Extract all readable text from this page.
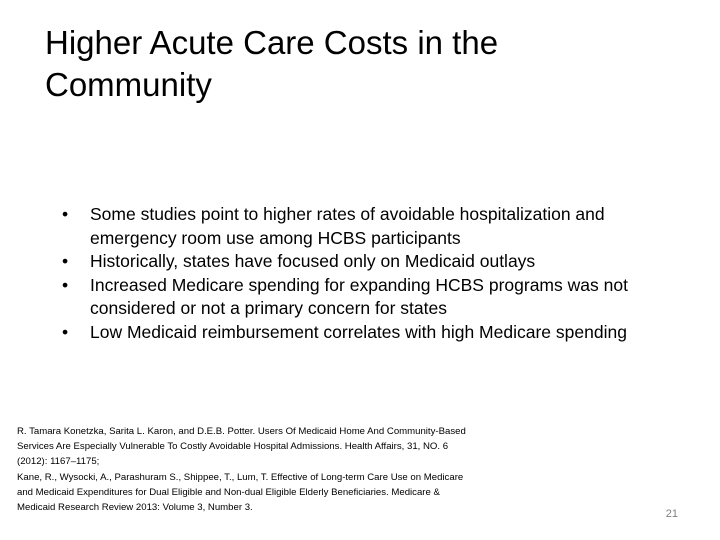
Higher Acute Care Costs in the
Community
• Some studies point to higher rates of avoidable hospitalization and emergency room use among HCBS participants
• Historically, states have focused only on Medicaid outlays
• Increased Medicare spending for expanding HCBS programs was not considered or not a primary concern for states
• Low Medicaid reimbursement correlates with high Medicare spending
R. Tamara Konetzka, Sarita L. Karon, and D.E.B. Potter. Users Of Medicaid Home And Community-Based
Services Are Especially Vulnerable To Costly Avoidable Hospital Admissions. Health Affairs, 31, NO. 6
(2012): 1167–1175;
Kane, R., Wysocki, A., Parashuram S., Shippee, T., Lum, T. Effective of Long-term Care Use on Medicare
and Medicaid Expenditures for Dual Eligible and Non-dual Eligible Elderly Beneficiaries. Medicare &
Medicaid Research Review 2013: Volume 3, Number 3.
21
